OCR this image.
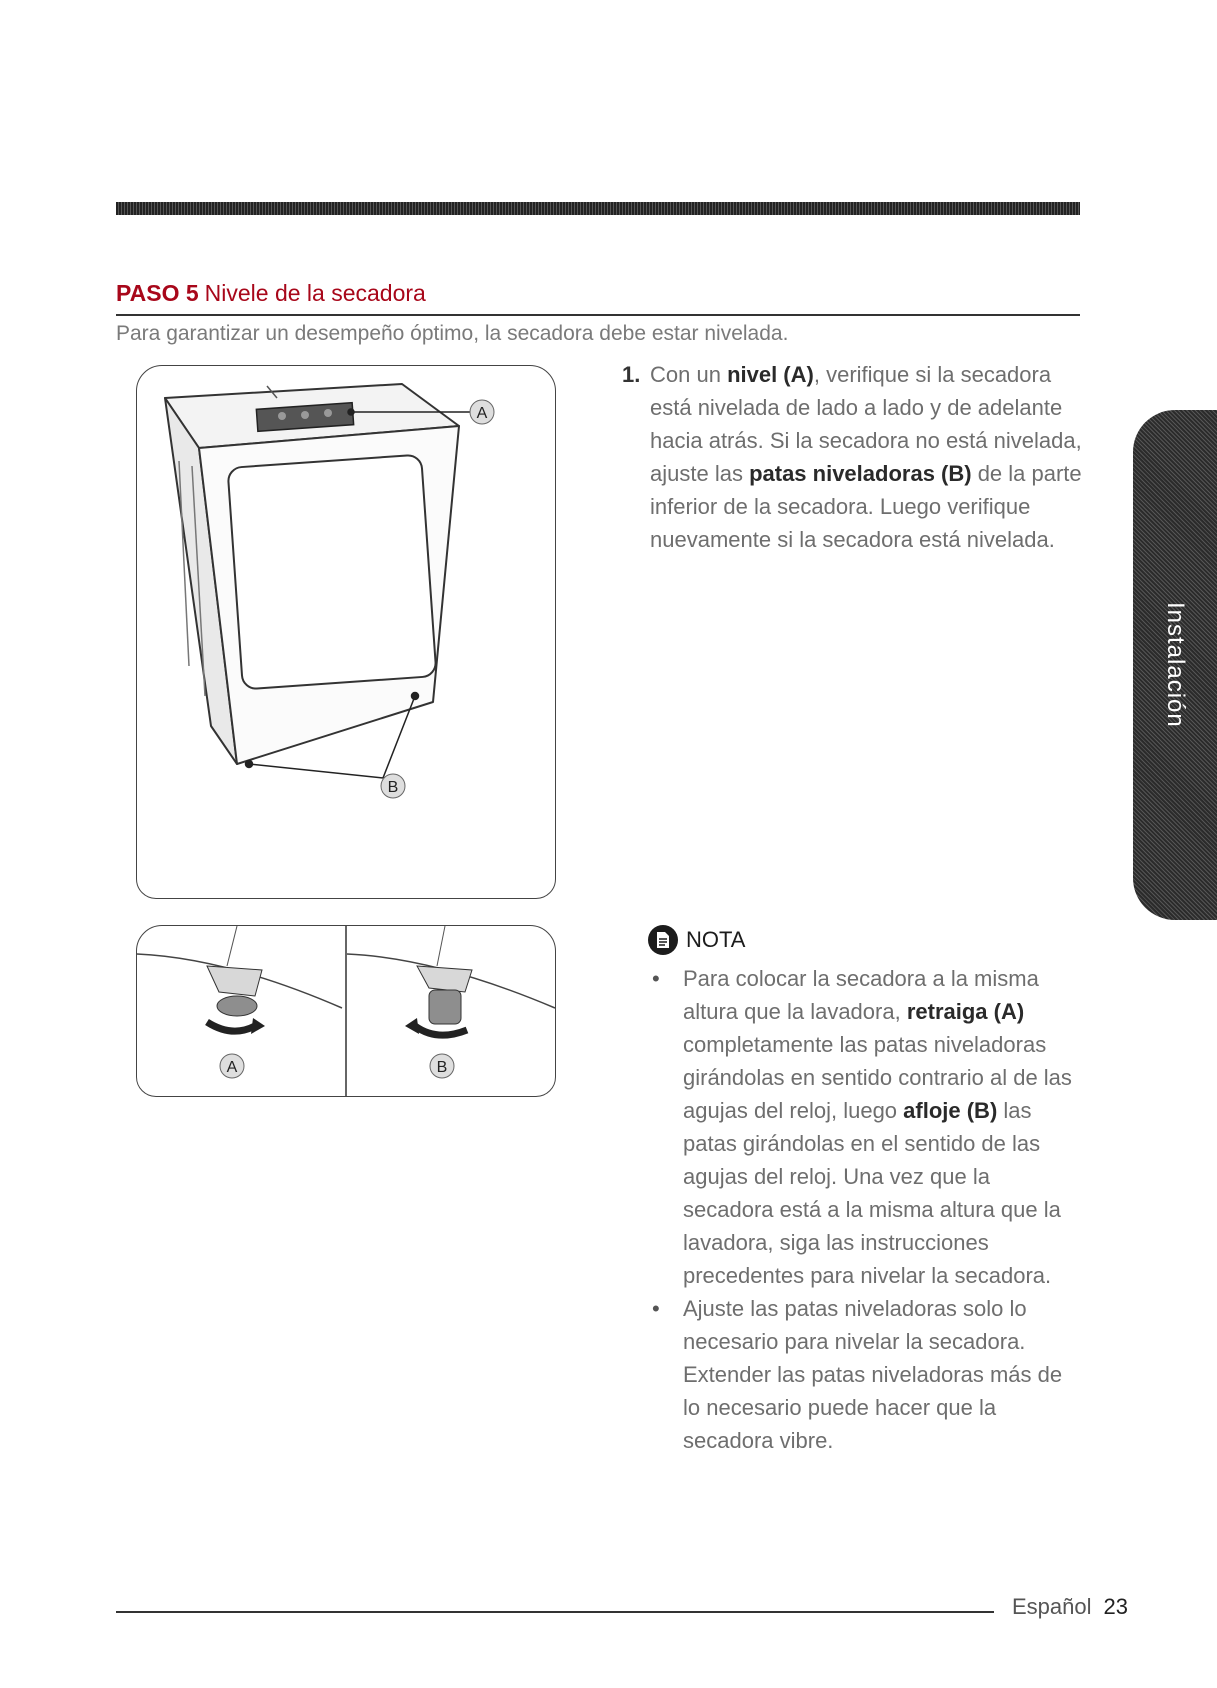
PASO 5 Nivele de la secadora
Para garantizar un desempeño óptimo, la secadora debe estar nivelada.
A
B
A	B
1. Con un nivel (A), verifique si la secadora está nivelada de lado a lado y de adelante hacia atrás. Si la secadora no está nivelada, ajuste las patas niveladoras (B) de la parte inferior de la secadora. Luego verifique nuevamente si la secadora está nivelada.
NOTA
• Para colocar la secadora a la misma altura que la lavadora, retraiga (A) completamente las patas niveladoras girándolas en sentido contrario al de las agujas del reloj, luego afloje (B) las patas girándolas en el sentido de las agujas del reloj. Una vez que la secadora está a la misma altura que la lavadora, siga las instrucciones precedentes para nivelar la secadora.
• Ajuste las patas niveladoras solo lo necesario para nivelar la secadora. Extender las patas niveladoras más de lo necesario puede hacer que la secadora vibre.
Instalación
Español 23
